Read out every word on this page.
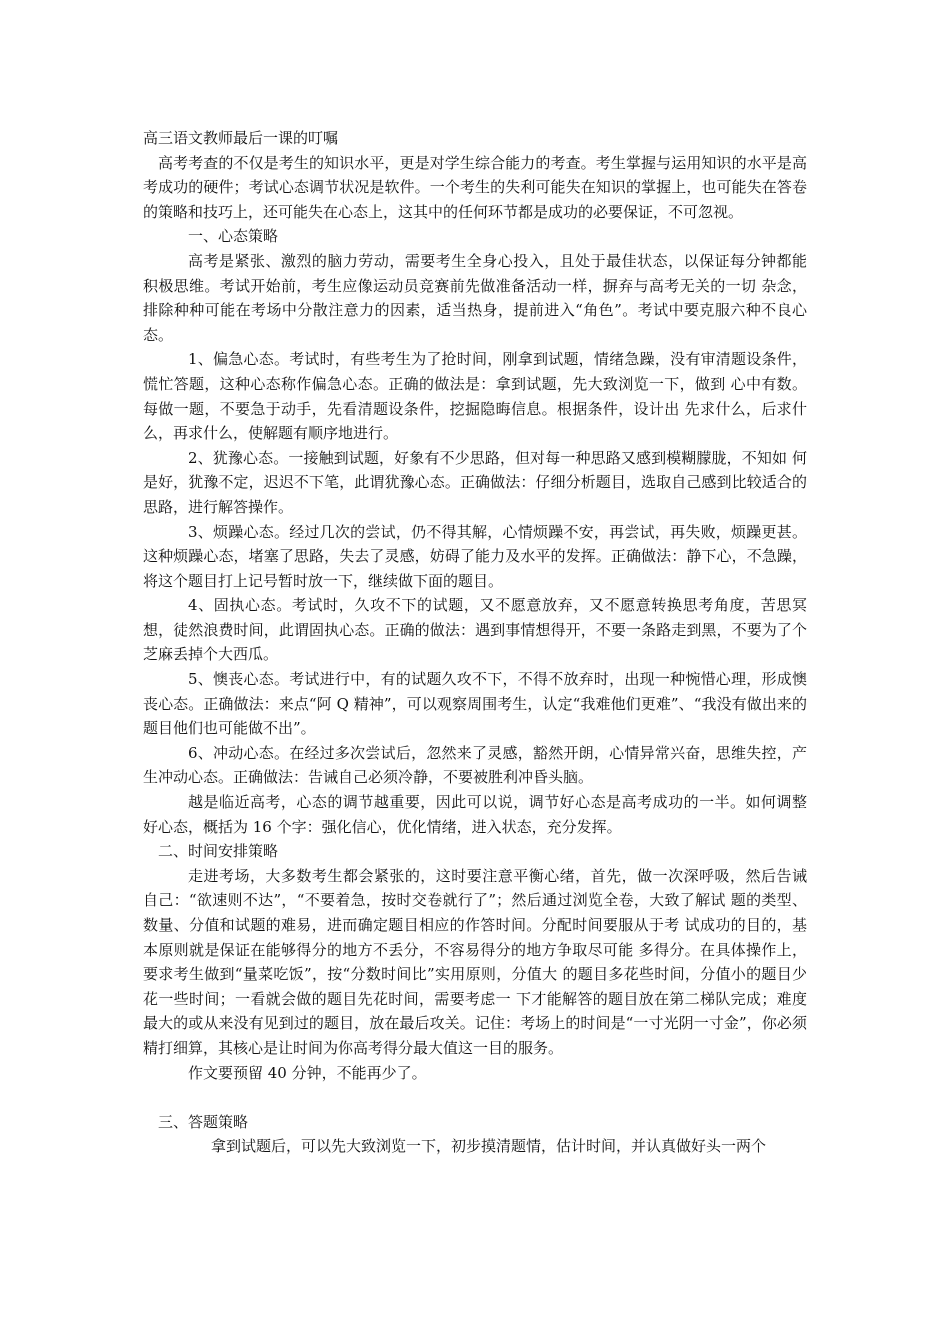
高三语文教师最后一课的叮嘱

高考考查的不仅是考生的知识水平，更是对学生综合能力的考查。考生掌握与运用知识的水平是高考成功的硬件；考试心态调节状况是软件。一个考生的失利可能失在知识的掌握上，也可能失在答卷的策略和技巧上，还可能失在心态上，这其中的任何环节都是成功的必要保证，不可忽视。

一、心态策略

高考是紧张、激烈的脑力劳动，需要考生全身心投入，且处于最佳状态，以保证每分钟都能 积极思维。考试开始前，考生应像运动员竞赛前先做准备活动一样，摒弃与高考无关的一切 杂念，排除种种可能在考场中分散注意力的因素，适当热身，提前进入“角色”。考试中要克服六种不良心态。

1、偏急心态。考试时，有些考生为了抢时间，刚拿到试题，情绪急躁，没有审清题设条件，慌忙答题，这种心态称作偏急心态。正确的做法是：拿到试题，先大致浏览一下，做到 心中有数。每做一题，不要急于动手，先看清题设条件，挖掘隐晦信息。根据条件，设计出 先求什么，后求什么，再求什么，使解题有顺序地进行。

2、犹豫心态。一接触到试题，好象有不少思路，但对每一种思路又感到模糊朦胧，不知如 何是好，犹豫不定，迟迟不下笔，此谓犹豫心态。正确做法：仔细分析题目，选取自己感到比较适合的思路，进行解答操作。

3、烦躁心态。经过几次的尝试，仍不得其解，心情烦躁不安，再尝试，再失败，烦躁更甚。这种烦躁心态，堵塞了思路，失去了灵感，妨碍了能力及水平的发挥。正确做法：静下心，不急躁，将这个题目打上记号暂时放一下，继续做下面的题目。

4、固执心态。考试时，久攻不下的试题，又不愿意放弃，又不愿意转换思考角度，苦思冥 想，徒然浪费时间，此谓固执心态。正确的做法：遇到事情想得开，不要一条路走到黑，不要为了个芝麻丢掉个大西瓜。

5、懊丧心态。考试进行中，有的试题久攻不下，不得不放弃时，出现一种惋惜心理，形成懊丧心态。正确做法：来点“阿 Q 精神”，可以观察周围考生，认定“我难他们更难”、“我没有做出来的题目他们也可能做不出”。

6、冲动心态。在经过多次尝试后，忽然来了灵感，豁然开朗，心情异常兴奋，思维失控，产生冲动心态。正确做法：告诫自己必须冷静，不要被胜利冲昏头脑。

越是临近高考，心态的调节越重要，因此可以说，调节好心态是高考成功的一半。如何调整 好心态，概括为 16 个字：强化信心，优化情绪，进入状态，充分发挥。

二、时间安排策略

走进考场，大多数考生都会紧张的，这时要注意平衡心绪，首先，做一次深呼吸，然后告诫 自己：“欲速则不达”，“不要着急，按时交卷就行了”；然后通过浏览全卷，大致了解试 题的类型、数量、分值和试题的难易，进而确定题目相应的作答时间。分配时间要服从于考 试成功的目的，基本原则就是保证在能够得分的地方不丢分，不容易得分的地方争取尽可能 多得分。在具体操作上，要求考生做到“量菜吃饭”，按“分数时间比”实用原则，分值大 的题目多花些时间，分值小的题目少花一些时间；一看就会做的题目先花时间，需要考虑一 下才能解答的题目放在第二梯队完成；难度最大的或从来没有见到过的题目，放在最后攻关。记住：考场上的时间是“一寸光阴一寸金”，你必须精打细算，其核心是让时间为你高考得分最大值这一目的服务。

作文要预留 40 分钟，不能再少了。

三、答题策略

拿到试题后，可以先大致浏览一下，初步摸清题情，估计时间，并认真做好头一两个
